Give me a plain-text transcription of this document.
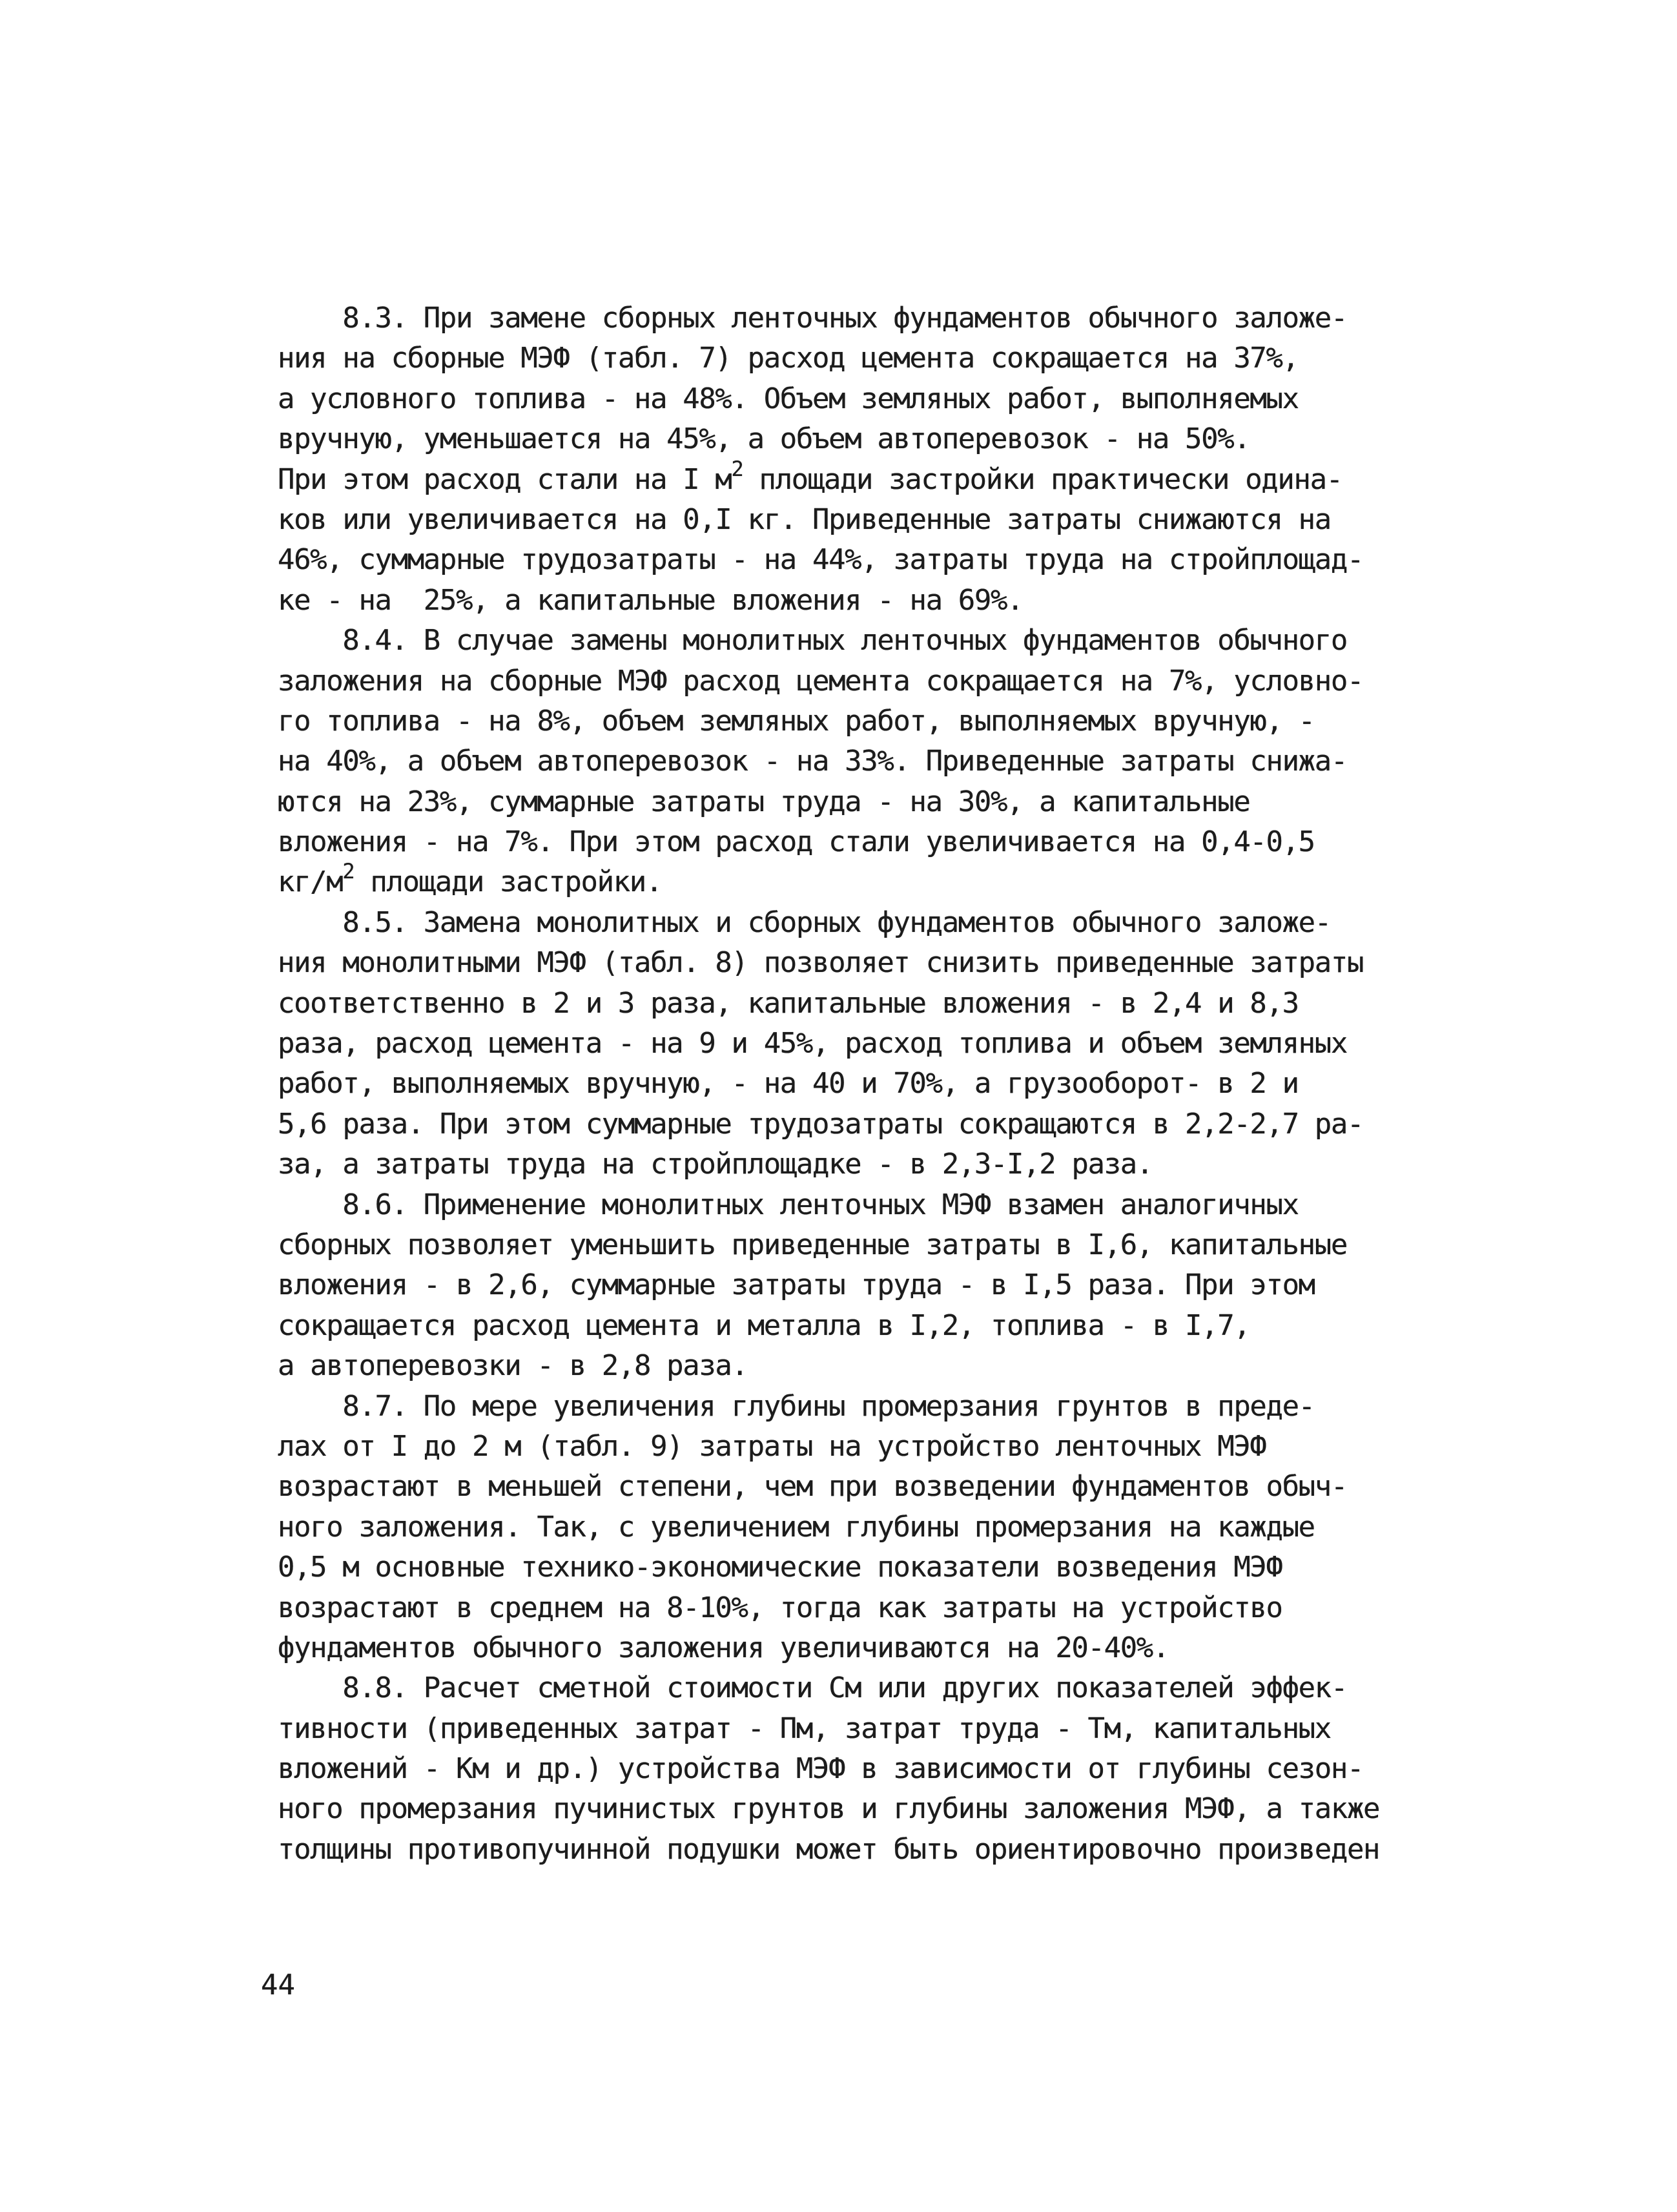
8.3. При замене сборных ленточных фундаментов обычного заложе-
ния на сборные МЭФ (табл. 7) расход цемента сокращается на 37%,
а условного топлива - на 48%. Объем земляных работ, выполняемых
вручную, уменьшается на 45%, а объем автоперевозок - на 50%.
При этом расход стали на I $м^2$ площади застройки практически одина-
ков или увеличивается на 0,I кг. Приведенные затраты снижаются на
46%, суммарные трудозатраты - на 44%, затраты труда на стройплощад-
ке - на  25%, а капитальные вложения - на 69%.
8.4. В случае замены монолитных ленточных фундаментов обычного
заложения на сборные МЭФ расход цемента сокращается на 7%, условно-
го топлива - на 8%, объем земляных работ, выполняемых вручную, -
на 40%, а объем автоперевозок - на 33%. Приведенные затраты снижа-
ются на 23%, суммарные затраты труда - на 30%, а капитальные
вложения - на 7%. При этом расход стали увеличивается на 0,4-0,5
$кг/м^2$ площади застройки.
8.5. Замена монолитных и сборных фундаментов обычного заложе-
ния монолитными МЭФ (табл. 8) позволяет снизить приведенные затраты
соответственно в 2 и 3 раза, капитальные вложения - в 2,4 и 8,3
раза, расход цемента - на 9 и 45%, расход топлива и объем земляных
работ, выполняемых вручную, - на 40 и 70%, а грузооборот- в 2 и
5,6 раза. При этом суммарные трудозатраты сокращаются в 2,2-2,7 ра-
за, а затраты труда на стройплощадке - в 2,3-I,2 раза.
8.6. Применение монолитных ленточных МЭФ взамен аналогичных
сборных позволяет уменьшить приведенные затраты в I,6, капитальные
вложения - в 2,6, суммарные затраты труда - в I,5 раза. При этом
сокращается расход цемента и металла в I,2, топлива - в I,7,
а автоперевозки - в 2,8 раза.
8.7. По мере увеличения глубины промерзания грунтов в преде-
лах от I до 2 м (табл. 9) затраты на устройство ленточных МЭФ
возрастают в меньшей степени, чем при возведении фундаментов обыч-
ного заложения. Так, с увеличением глубины промерзания на каждые
0,5 м основные технико-экономические показатели возведения МЭФ
возрастают в среднем на 8-10%, тогда как затраты на устройство
фундаментов обычного заложения увеличиваются на 20-40%.
8.8. Расчет сметной стоимости См или других показателей эффек-
тивности (приведенных затрат - Пм, затрат труда - Тм, капитальных
вложений - Км и др.) устройства МЭФ в зависимости от глубины сезон-
ного промерзания пучинистых грунтов и глубины заложения МЭФ, а также
толщины противопучинной подушки может быть ориентировочно произведен
44
